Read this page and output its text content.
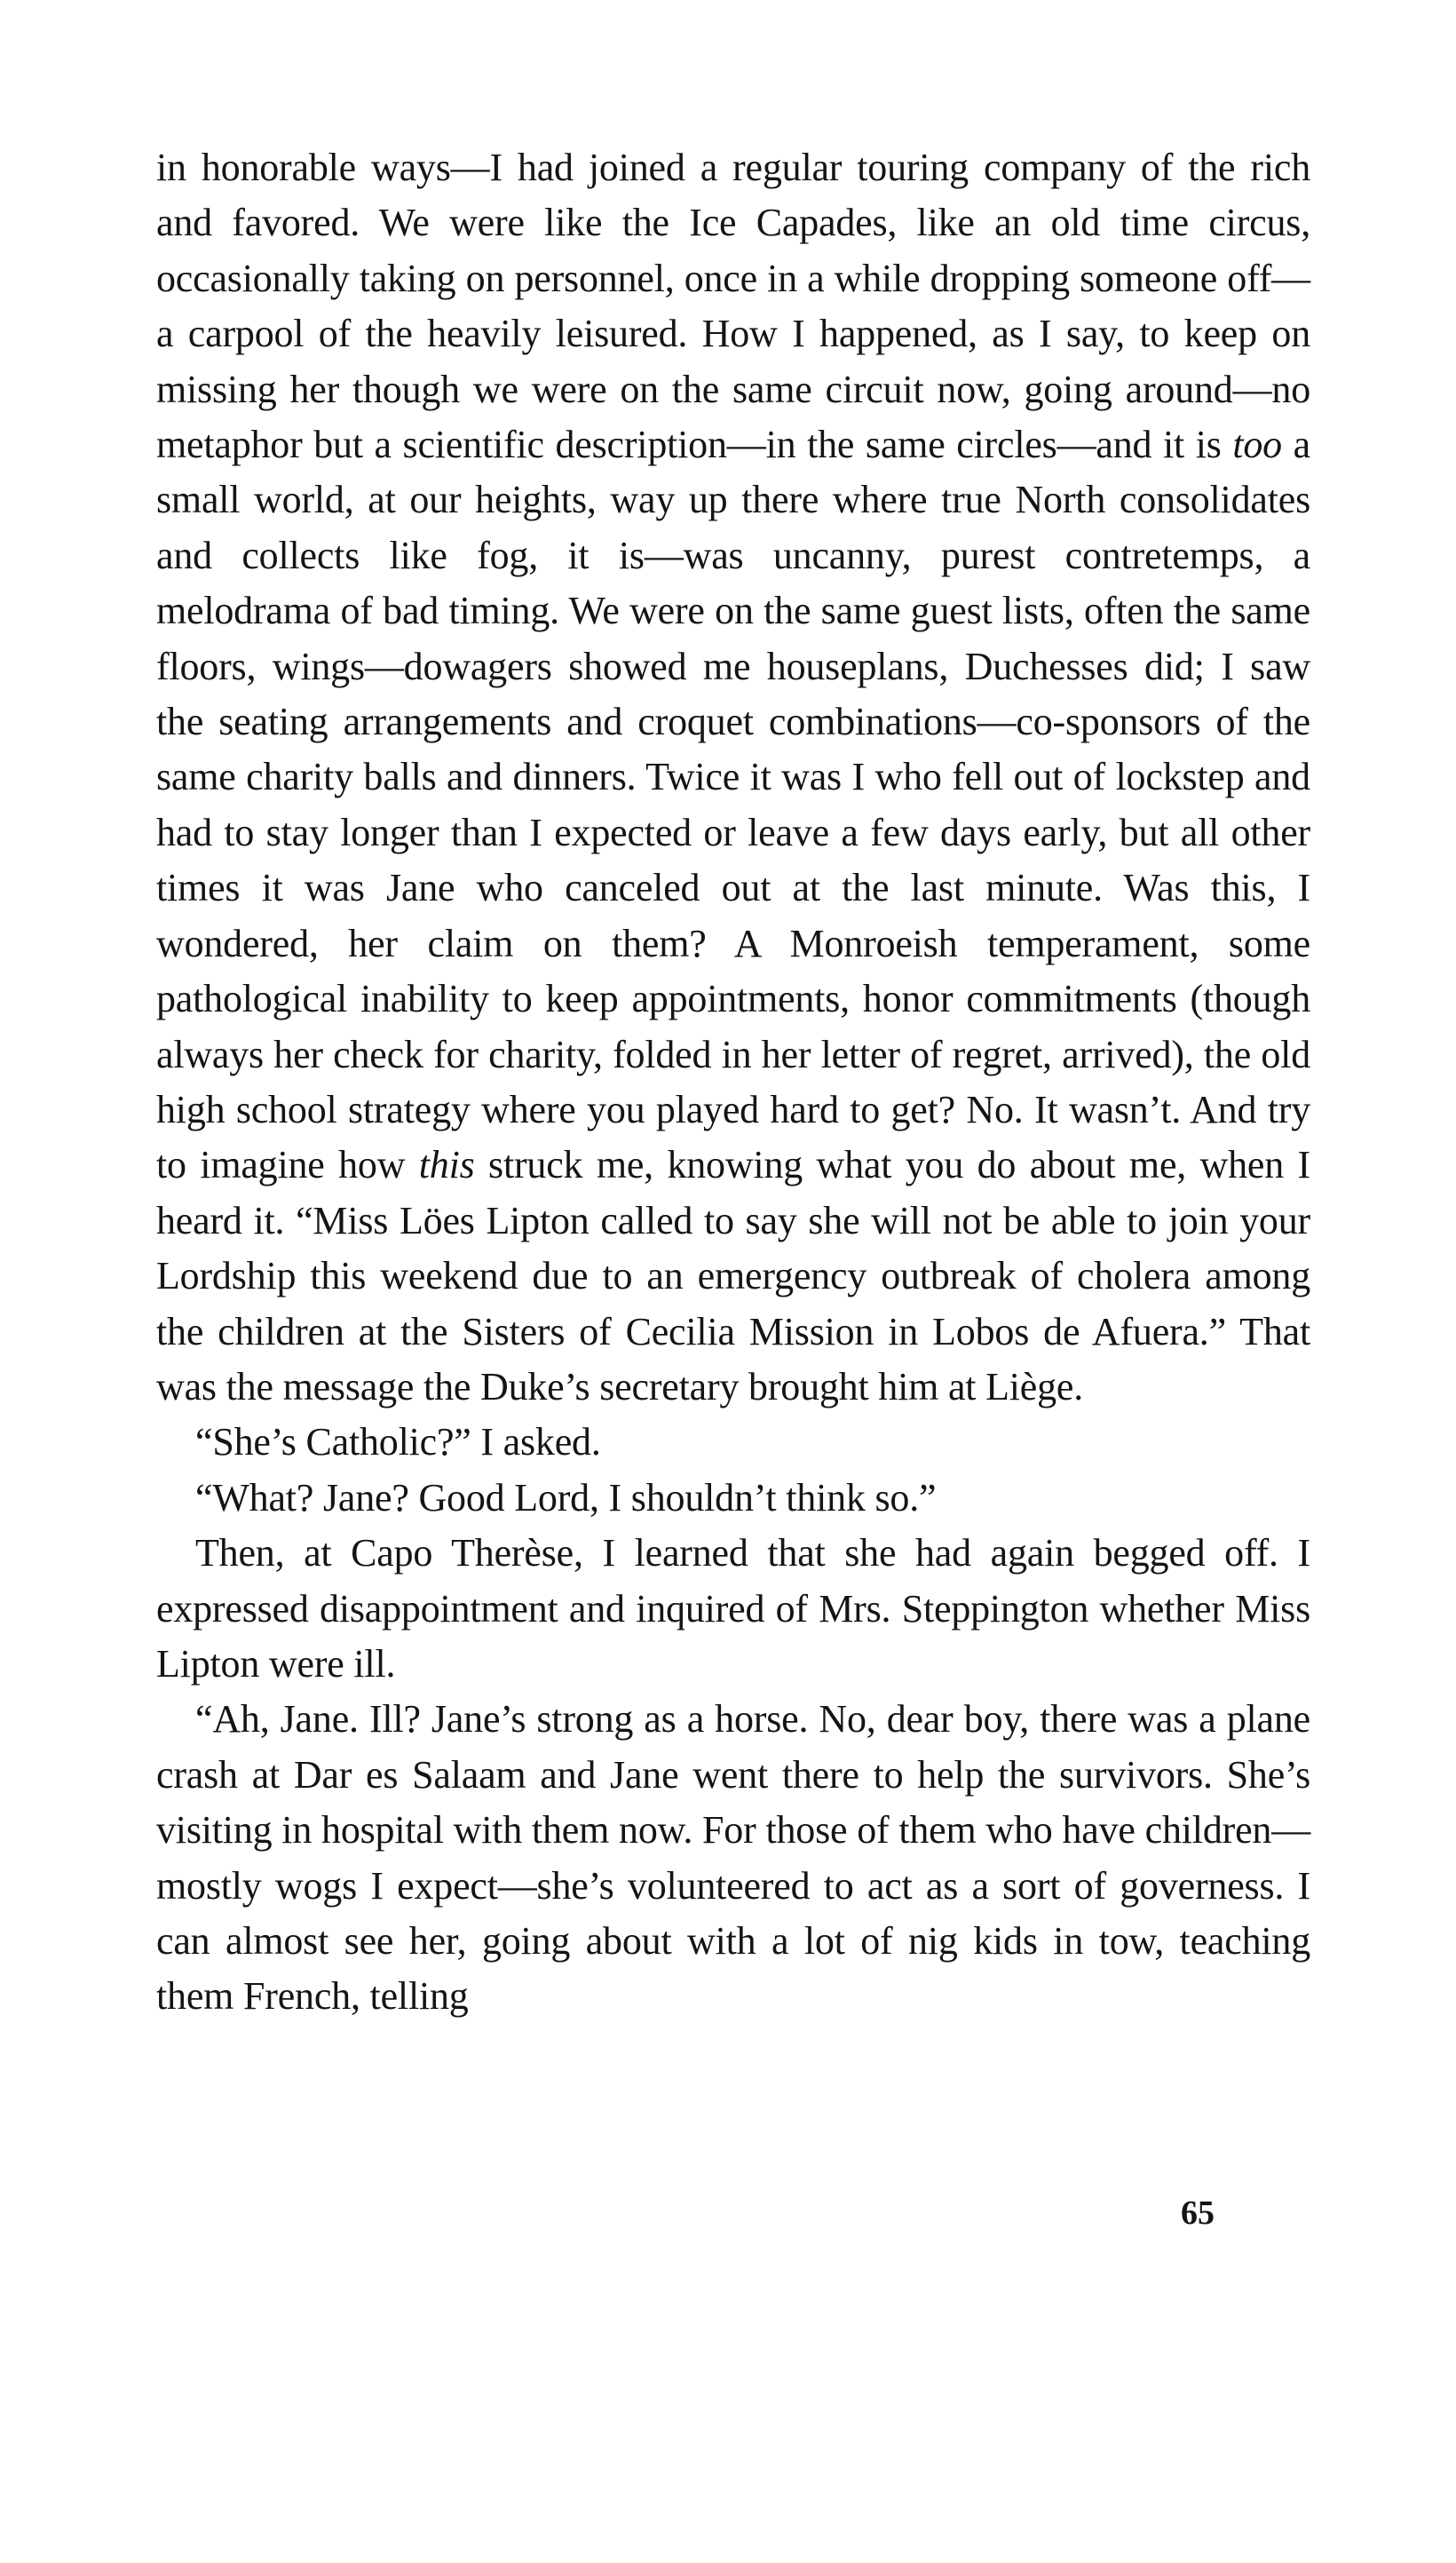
in honorable ways—I had joined a regular touring company of the rich and favored. We were like the Ice Capades, like an old time circus, occasionally taking on personnel, once in a while dropping someone off—a carpool of the heavily leisured. How I happened, as I say, to keep on missing her though we were on the same circuit now, going around—no metaphor but a scientific description—in the same circles—and it is too a small world, at our heights, way up there where true North consolidates and collects like fog, it is—was uncanny, purest contretemps, a melodrama of bad timing. We were on the same guest lists, often the same floors, wings—dowagers showed me houseplans, Duchesses did; I saw the seating arrangements and croquet combinations—co-sponsors of the same charity balls and dinners. Twice it was I who fell out of lockstep and had to stay longer than I expected or leave a few days early, but all other times it was Jane who canceled out at the last minute. Was this, I wondered, her claim on them? A Monroeish temperament, some pathological inability to keep appointments, honor commitments (though always her check for charity, folded in her letter of regret, arrived), the old high school strategy where you played hard to get? No. It wasn’t. And try to imagine how this struck me, knowing what you do about me, when I heard it. “Miss Löes Lipton called to say she will not be able to join your Lordship this weekend due to an emergency outbreak of cholera among the children at the Sisters of Cecilia Mission in Lobos de Afuera.” That was the message the Duke’s secretary brought him at Liège.

“She’s Catholic?” I asked.

“What? Jane? Good Lord, I shouldn’t think so.”

Then, at Capo Therèse, I learned that she had again begged off. I expressed disappointment and inquired of Mrs. Steppington whether Miss Lipton were ill.

“Ah, Jane. Ill? Jane’s strong as a horse. No, dear boy, there was a plane crash at Dar es Salaam and Jane went there to help the survivors. She’s visiting in hospital with them now. For those of them who have children—mostly wogs I expect—she’s volunteered to act as a sort of governess. I can almost see her, going about with a lot of nig kids in tow, teaching them French, telling

65
